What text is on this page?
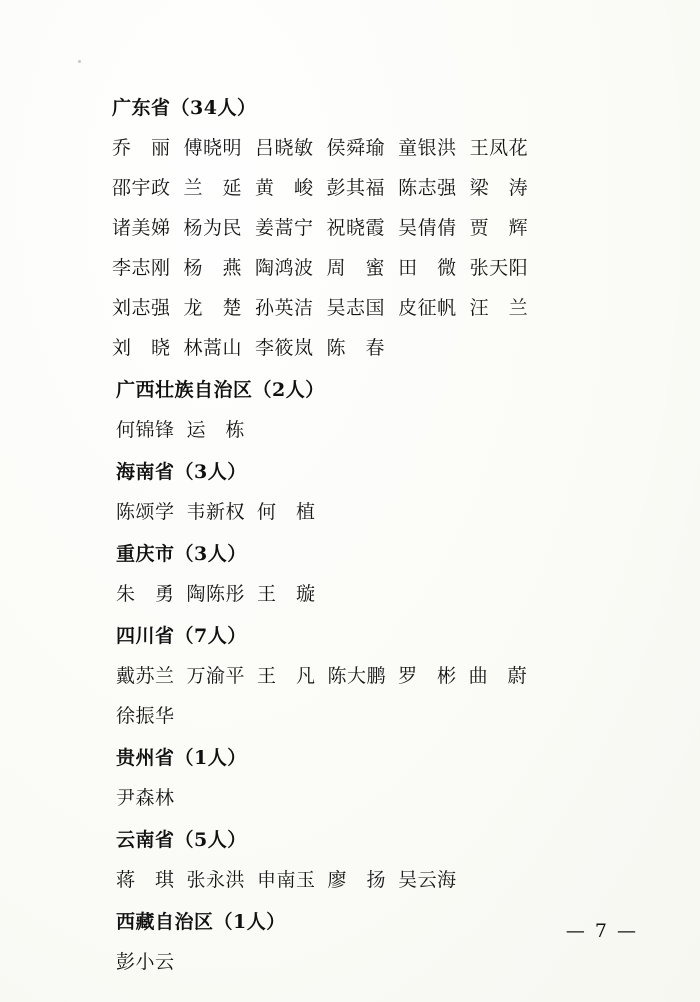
广东省（34人）
乔　丽 傅晓明 吕晓敏 侯舜瑜 童银洪 王凤花
邵宇政 兰　延 黄　峻 彭其福 陈志强 梁　涛
诸美娣 杨为民 姜蒿宁 祝晓霞 吴倩倩 贾　辉
李志刚 杨　燕 陶鸿波 周　蜜 田　微 张天阳
刘志强 龙　楚 孙英洁 吴志国 皮征帆 汪　兰
刘　晓 林蒿山 李筱岚 陈　春
广西壮族自治区（2人）
何锦锋 运　栋
海南省（3人）
陈颂学 韦新权 何　植
重庆市（3人）
朱　勇 陶陈彤 王　璇
四川省（7人）
戴苏兰 万渝平 王　凡 陈大鹏 罗　彬 曲　蔚
徐振华
贵州省（1人）
尹森林
云南省（5人）
蒋　琪 张永洪 申南玉 廖　扬 吴云海
西藏自治区（1人）
彭小云
— 7 —
